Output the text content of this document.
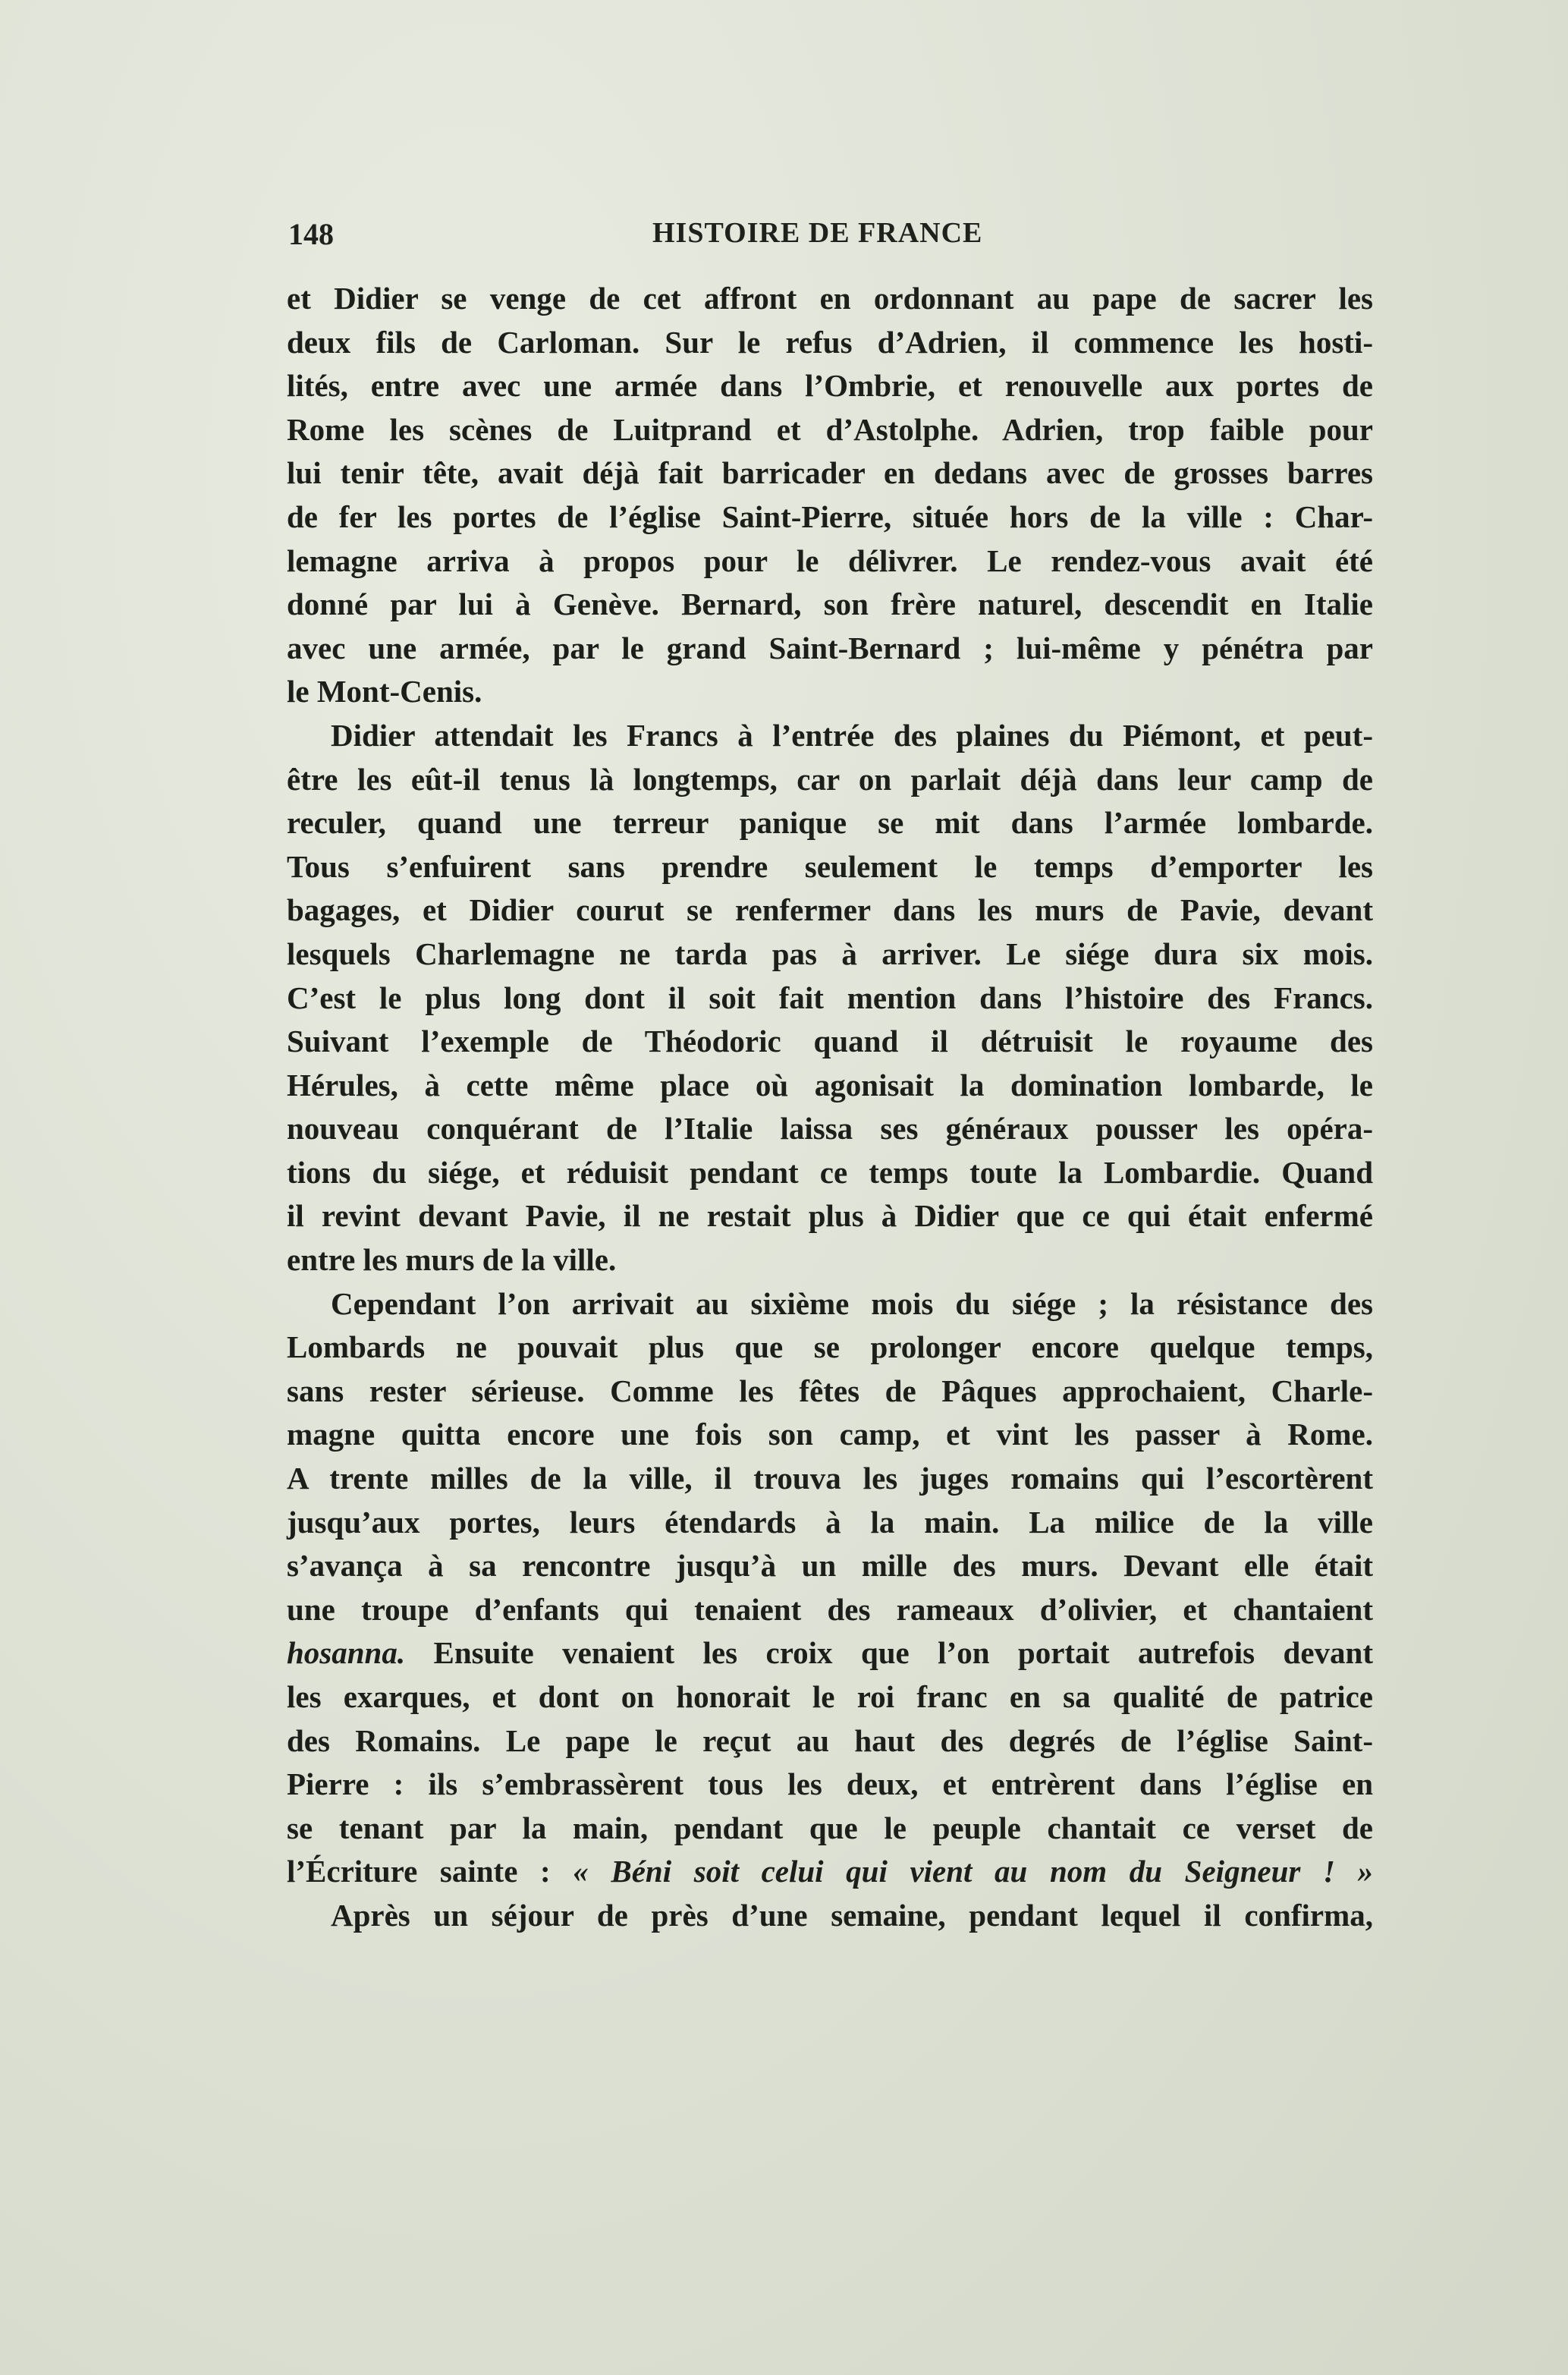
148	HISTOIRE DE FRANCE
et Didier se venge de cet affront en ordonnant au pape de sacrer les
deux fils de Carloman. Sur le refus d’Adrien, il commence les hosti-
lités, entre avec une armée dans l’Ombrie, et renouvelle aux portes de
Rome les scènes de Luitprand et d’Astolphe. Adrien, trop faible pour
lui tenir tête, avait déjà fait barricader en dedans avec de grosses barres
de fer les portes de l’église Saint-Pierre, située hors de la ville : Char-
lemagne arriva à propos pour le délivrer. Le rendez-vous avait été
donné par lui à Genève. Bernard, son frère naturel, descendit en Italie
avec une armée, par le grand Saint-Bernard ; lui-même y pénétra par
le Mont-Cenis.
Didier attendait les Francs à l’entrée des plaines du Piémont, et peut-
être les eût-il tenus là longtemps, car on parlait déjà dans leur camp de
reculer, quand une terreur panique se mit dans l’armée lombarde.
Tous s’enfuirent sans prendre seulement le temps d’emporter les
bagages, et Didier courut se renfermer dans les murs de Pavie, devant
lesquels Charlemagne ne tarda pas à arriver. Le siége dura six mois.
C’est le plus long dont il soit fait mention dans l’histoire des Francs.
Suivant l’exemple de Théodoric quand il détruisit le royaume des
Hérules, à cette même place où agonisait la domination lombarde, le
nouveau conquérant de l’Italie laissa ses généraux pousser les opéra-
tions du siége, et réduisit pendant ce temps toute la Lombardie. Quand
il revint devant Pavie, il ne restait plus à Didier que ce qui était enfermé
entre les murs de la ville.
Cependant l’on arrivait au sixième mois du siége ; la résistance des
Lombards ne pouvait plus que se prolonger encore quelque temps,
sans rester sérieuse. Comme les fêtes de Pâques approchaient, Charle-
magne quitta encore une fois son camp, et vint les passer à Rome.
A trente milles de la ville, il trouva les juges romains qui l’escortèrent
jusqu’aux portes, leurs étendards à la main. La milice de la ville
s’avança à sa rencontre jusqu’à un mille des murs. Devant elle était
une troupe d’enfants qui tenaient des rameaux d’olivier, et chantaient
hosanna. Ensuite venaient les croix que l’on portait autrefois devant
les exarques, et dont on honorait le roi franc en sa qualité de patrice
des Romains. Le pape le reçut au haut des degrés de l’église Saint-
Pierre : ils s’embrassèrent tous les deux, et entrèrent dans l’église en
se tenant par la main, pendant que le peuple chantait ce verset de
l’Écriture sainte : « Béni soit celui qui vient au nom du Seigneur ! »
Après un séjour de près d’une semaine, pendant lequel il confirma,
